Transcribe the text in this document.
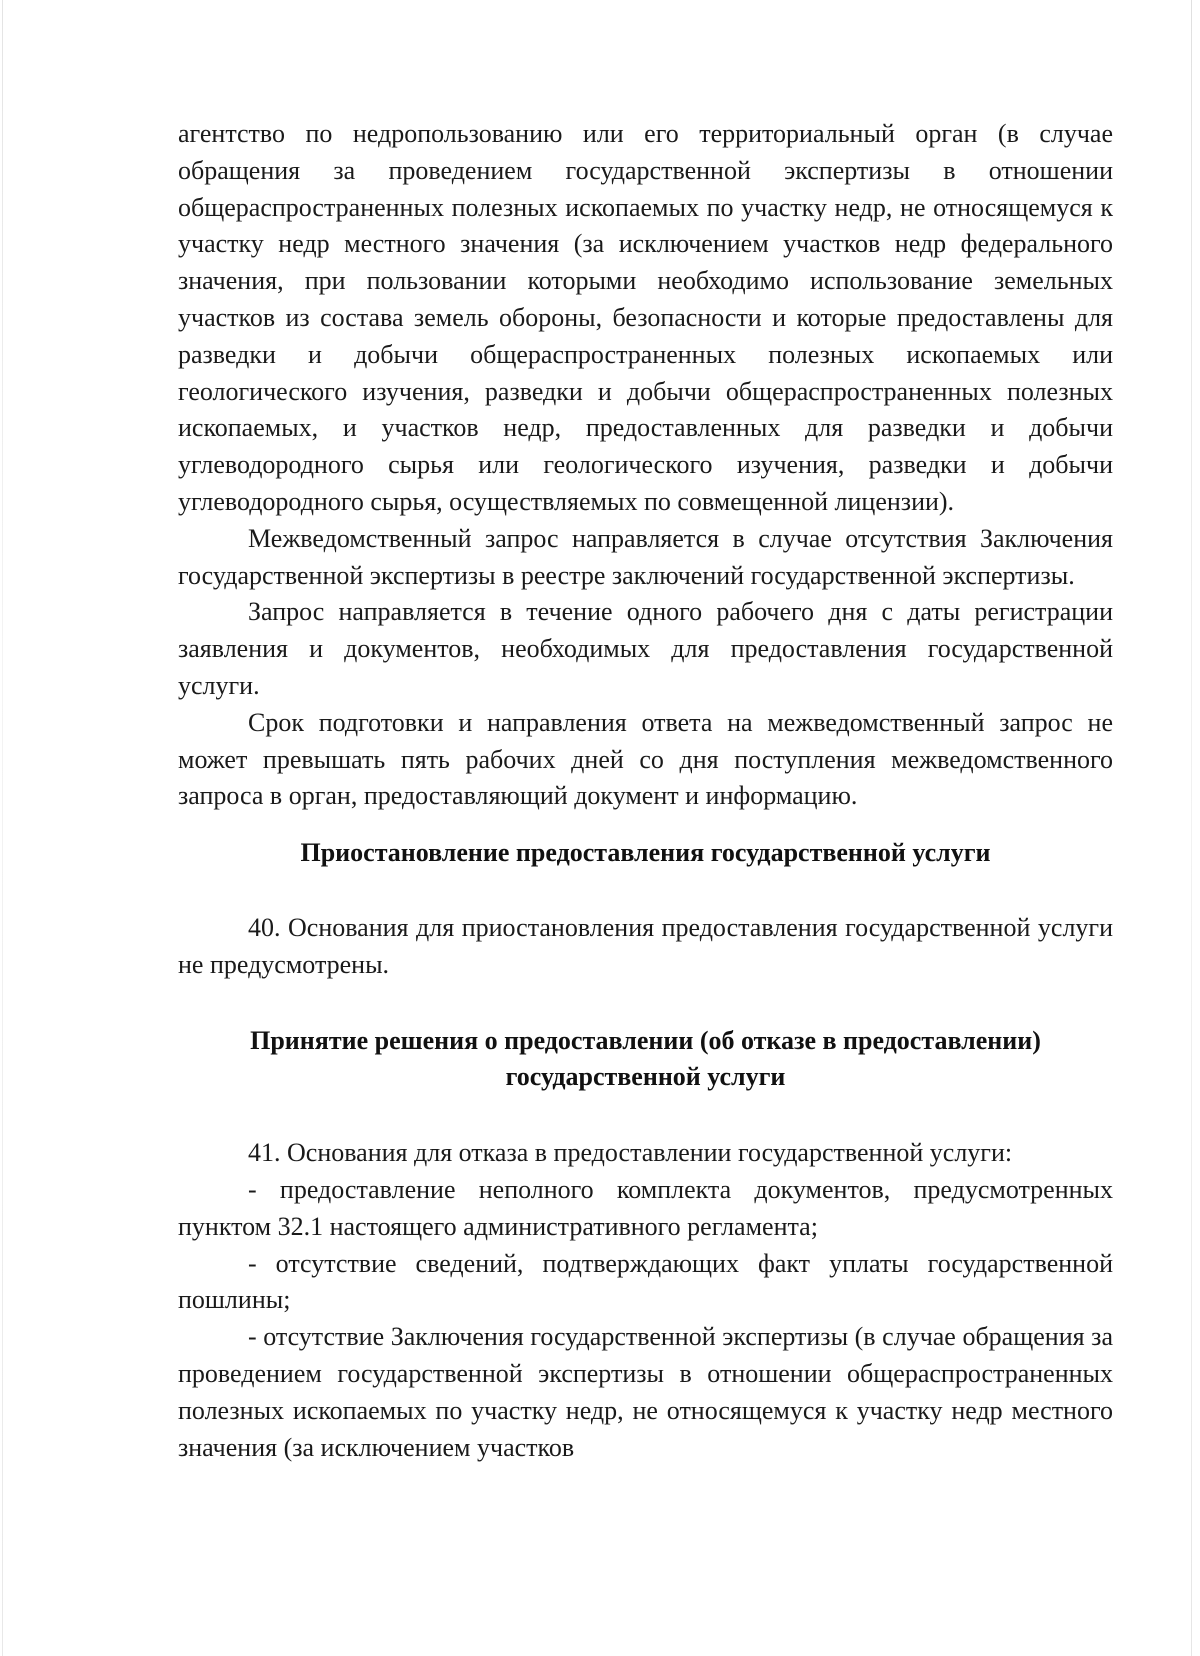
агентство по недропользованию или его территориальный орган (в случае обращения за проведением государственной экспертизы в отношении общераспространенных полезных ископаемых по участку недр, не относящемуся к участку недр местного значения (за исключением участков недр федерального значения, при пользовании которыми необходимо использование земельных участков из состава земель обороны, безопасности и которые предоставлены для разведки и добычи общераспространенных полезных ископаемых или геологического изучения, разведки и добычи общераспространенных полезных ископаемых, и участков недр, предоставленных для разведки и добычи углеводородного сырья или геологического изучения, разведки и добычи углеводородного сырья, осуществляемых по совмещенной лицензии).

Межведомственный запрос направляется в случае отсутствия Заключения государственной экспертизы в реестре заключений государственной экспертизы.

Запрос направляется в течение одного рабочего дня с даты регистрации заявления и документов, необходимых для предоставления государственной услуги.

Срок подготовки и направления ответа на межведомственный запрос не может превышать пять рабочих дней со дня поступления межведомственного запроса в орган, предоставляющий документ и информацию.

Приостановление предоставления государственной услуги

40. Основания для приостановления предоставления государственной услуги не предусмотрены.

Принятие решения о предоставлении (об отказе в предоставлении)
государственной услуги

41. Основания для отказа в предоставлении государственной услуги:

- предоставление неполного комплекта документов, предусмотренных пунктом 32.1 настоящего административного регламента;

- отсутствие сведений, подтверждающих факт уплаты государственной пошлины;

- отсутствие Заключения государственной экспертизы (в случае обращения за проведением государственной экспертизы в отношении общераспространенных полезных ископаемых по участку недр, не относящемуся к участку недр местного значения (за исключением участков
